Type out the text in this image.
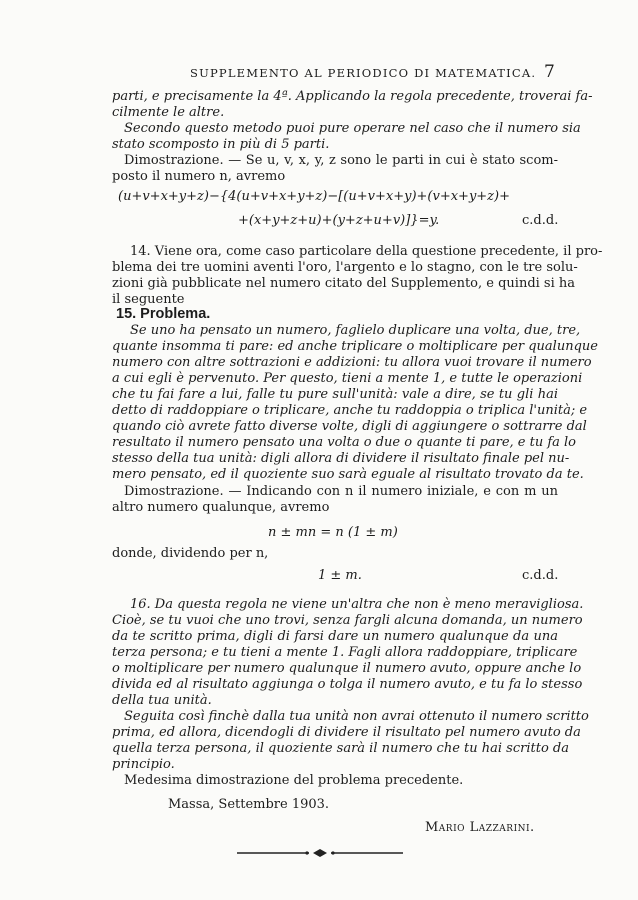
SUPPLEMENTO AL PERIODICO DI MATEMATICA. 7
parti, e precisamente la 4ª. Applicando la regola precedente, troverai fa-
cilmente le altre.
Secondo questo metodo puoi pure operare nel caso che il numero sia
stato scomposto in più di 5 parti.
Dimostrazione. — Se u, v, x, y, z sono le parti in cui è stato scom-
posto il numero n, avremo
(u+v+x+y+z)−{4(u+v+x+y+z)−[(u+v+x+y)+(v+x+y+z)+
+(x+y+z+u)+(y+z+u+v)]}=y.	c.d.d.
14. Viene ora, come caso particolare della questione precedente, il pro-
blema dei tre uomini aventi l'oro, l'argento e lo stagno, con le tre solu-
zioni già pubblicate nel numero citato del Supplemento, e quindi si ha
il seguente
15. Problema.
Se uno ha pensato un numero, faglielo duplicare una volta, due, tre,
quante insomma ti pare: ed anche triplicare o moltiplicare per qualunque
numero con altre sottrazioni e addizioni: tu allora vuoi trovare il numero
a cui egli è pervenuto. Per questo, tieni a mente 1, e tutte le operazioni
che tu fai fare a lui, falle tu pure sull'unità: vale a dire, se tu gli hai
detto di raddoppiare o triplicare, anche tu raddoppia o triplica l'unità; e
quando ciò avrete fatto diverse volte, digli di aggiungere o sottrarre dal
resultato il numero pensato una volta o due o quante ti pare, e tu fa lo
stesso della tua unità: digli allora di dividere il risultato finale pel nu-
mero pensato, ed il quoziente suo sarà eguale al risultato trovato da te.
Dimostrazione. — Indicando con n il numero iniziale, e con m un
altro numero qualunque, avremo
n ± mn = n (1 ± m)
donde, dividendo per n,
1 ± m.	c.d.d.
16. Da questa regola ne viene un'altra che non è meno meravigliosa.
Cioè, se tu vuoi che uno trovi, senza fargli alcuna domanda, un numero
da te scritto prima, digli di farsi dare un numero qualunque da una
terza persona; e tu tieni a mente 1. Fagli allora raddoppiare, triplicare
o moltiplicare per numero qualunque il numero avuto, oppure anche lo
divida ed al risultato aggiunga o tolga il numero avuto, e tu fa lo stesso
della tua unità.
Seguita così finchè dalla tua unità non avrai ottenuto il numero scritto
prima, ed allora, dicendogli di dividere il risultato pel numero avuto da
quella terza persona, il quoziente sarà il numero che tu hai scritto da
principio.
Medesima dimostrazione del problema precedente.
Massa, Settembre 1903.
Mario Lazzarini.
